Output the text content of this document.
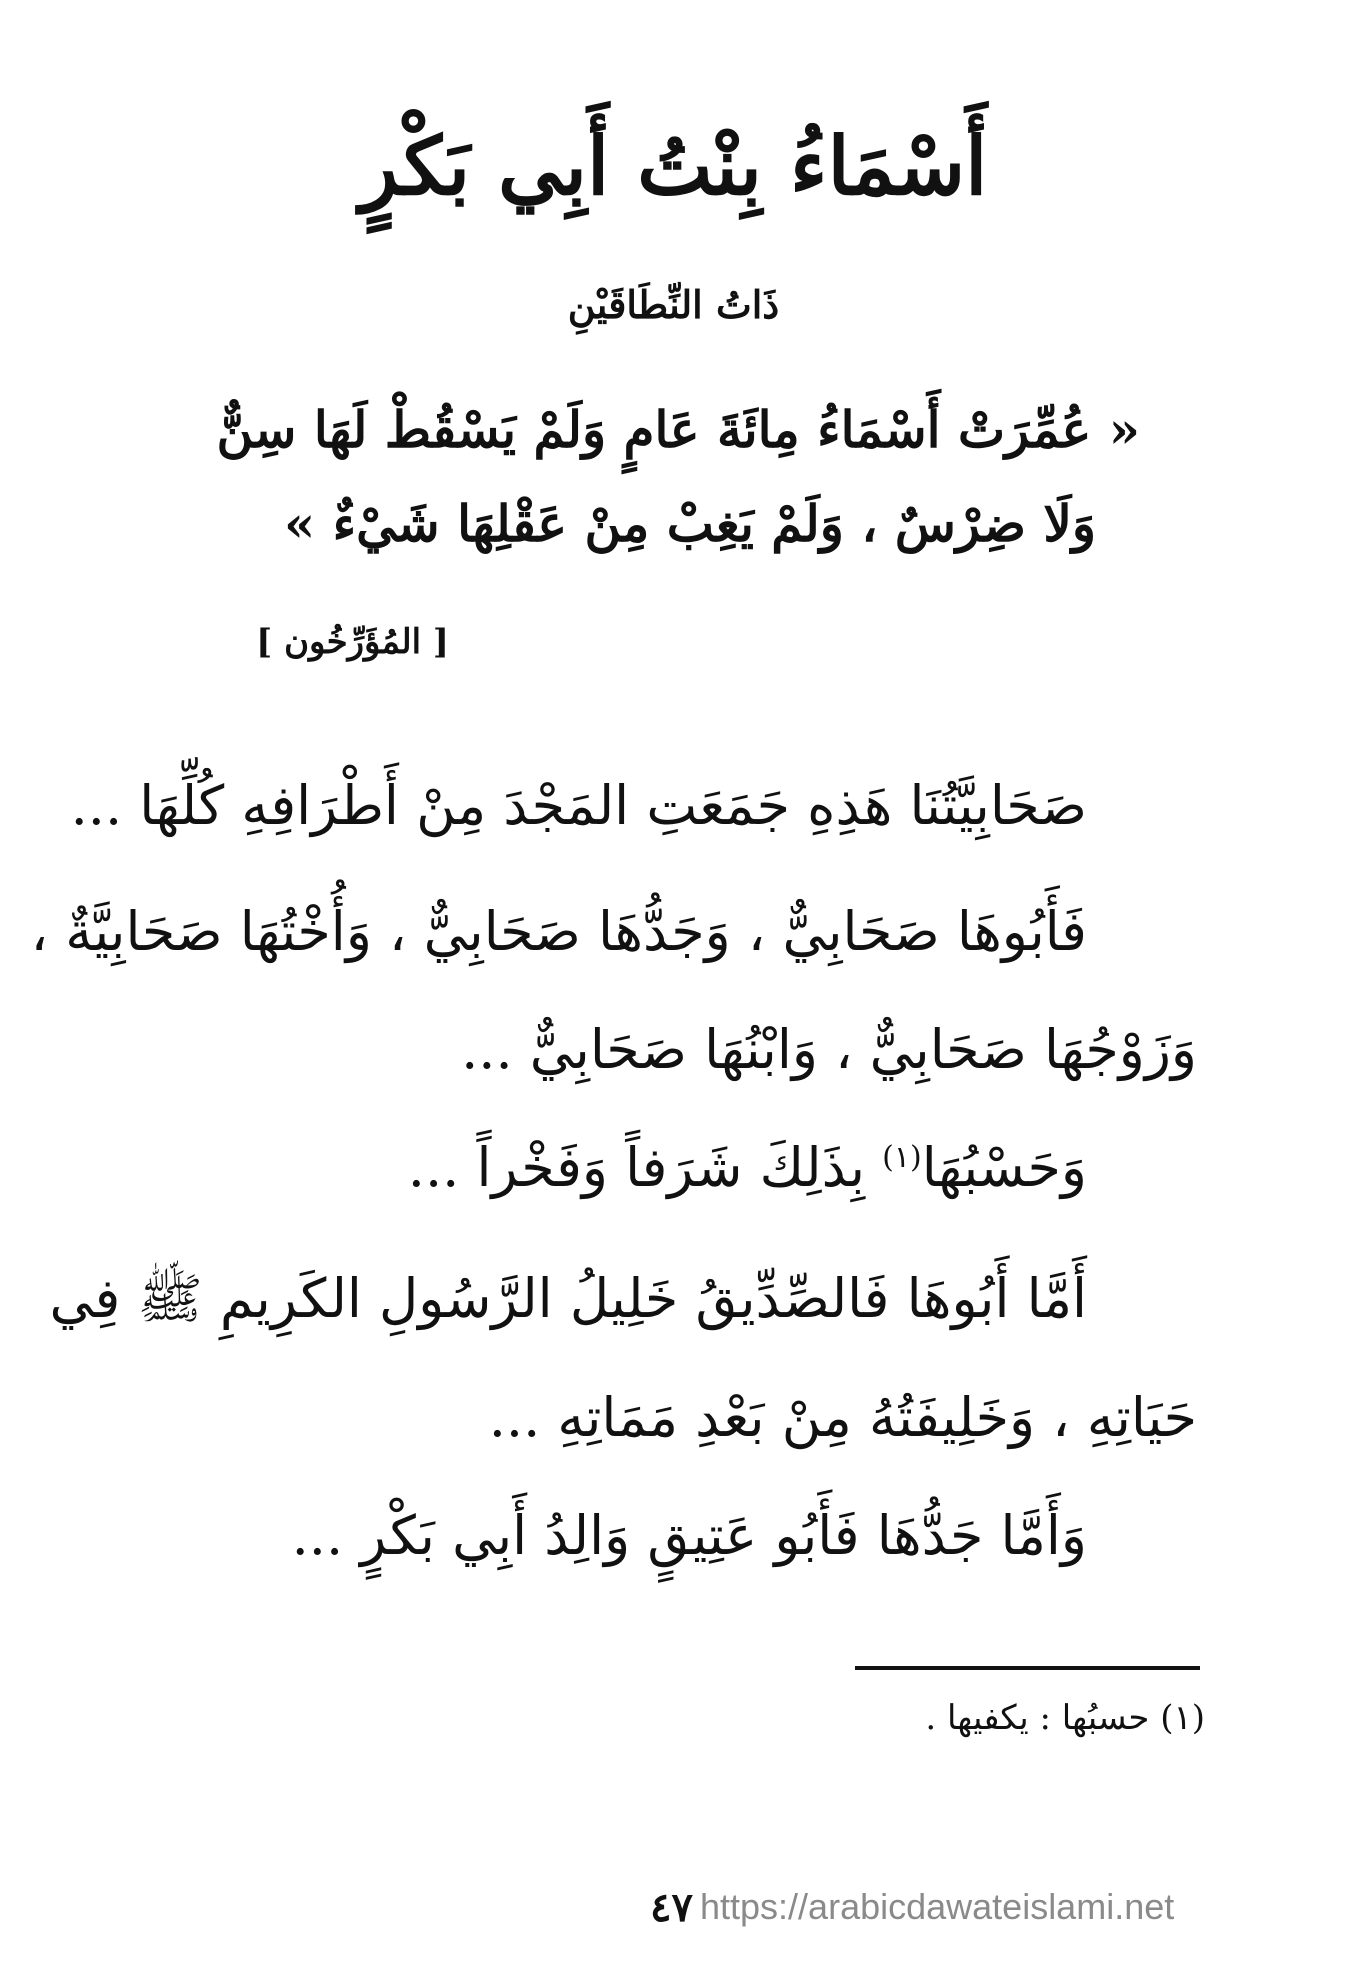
أَسْمَاءُ بِنْتُ أَبِي بَكْرٍ
ذَاتُ النِّطَاقَيْنِ
« عُمِّرَتْ أَسْمَاءُ مِائَةَ عَامٍ وَلَمْ يَسْقُطْ لَهَا سِنٌّ
وَلَا ضِرْسٌ ، وَلَمْ يَغِبْ مِنْ عَقْلِهَا شَيْءٌ »
[ المُؤَرِّخُون ]
صَحَابِيَّتُنَا هَذِهِ جَمَعَتِ المَجْدَ مِنْ أَطْرَافِهِ كُلِّهَا ...
فَأَبُوهَا صَحَابِيٌّ ، وَجَدُّهَا صَحَابِيٌّ ، وَأُخْتُهَا صَحَابِيَّةٌ ،
وَزَوْجُهَا صَحَابِيٌّ ، وَابْنُهَا صَحَابِيٌّ ...
وَحَسْبُهَا$^{(١)}$ بِذَلِكَ شَرَفاً وَفَخْراً ...
أَمَّا أَبُوهَا فَالصِّدِّيقُ خَلِيلُ الرَّسُولِ الكَرِيمِ ﷺ فِي
حَيَاتِهِ ، وَخَلِيفَتُهُ مِنْ بَعْدِ مَمَاتِهِ ...
وَأَمَّا جَدُّهَا فَأَبُو عَتِيقٍ وَالِدُ أَبِي بَكْرٍ ...
(١) حسبُها : يكفيها .
٤٧ https://arabicdawateislami.net
